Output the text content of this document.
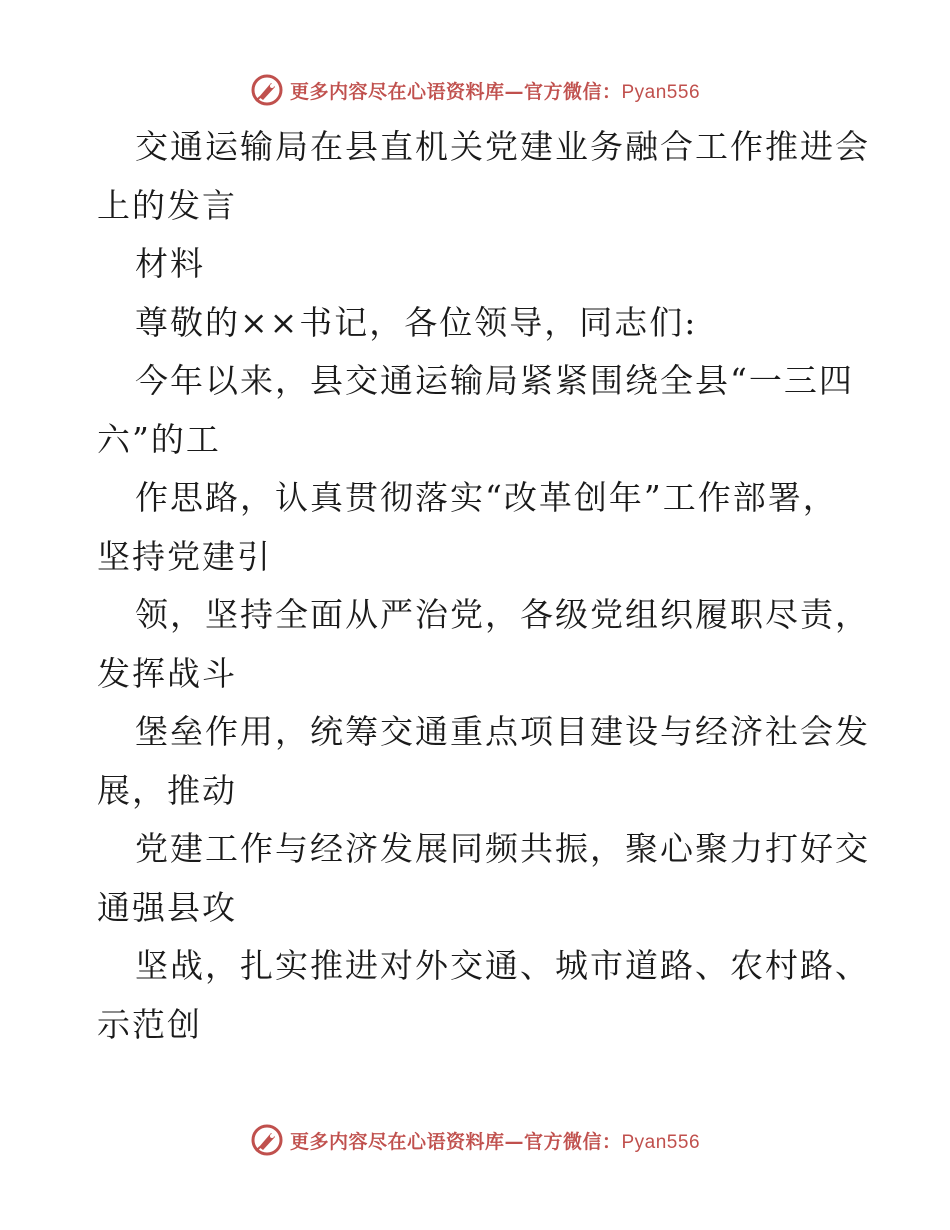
更多内容尽在心语资料库—官方微信：Pyan556
交通运输局在县直机关党建业务融合工作推进会
上的发言
材料
尊敬的××书记，各位领导，同志们:
今年以来，县交通运输局紧紧围绕全县“一三四
六”的工
作思路，认真贯彻落实“改革创年”工作部署，
坚持党建引
领，坚持全面从严治党，各级党组织履职尽责，
发挥战斗
堡垒作用，统筹交通重点项目建设与经济社会发
展，推动
党建工作与经济发展同频共振，聚心聚力打好交
通强县攻
坚战，扎实推进对外交通、城市道路、农村路、
示范创
更多内容尽在心语资料库—官方微信：Pyan556
